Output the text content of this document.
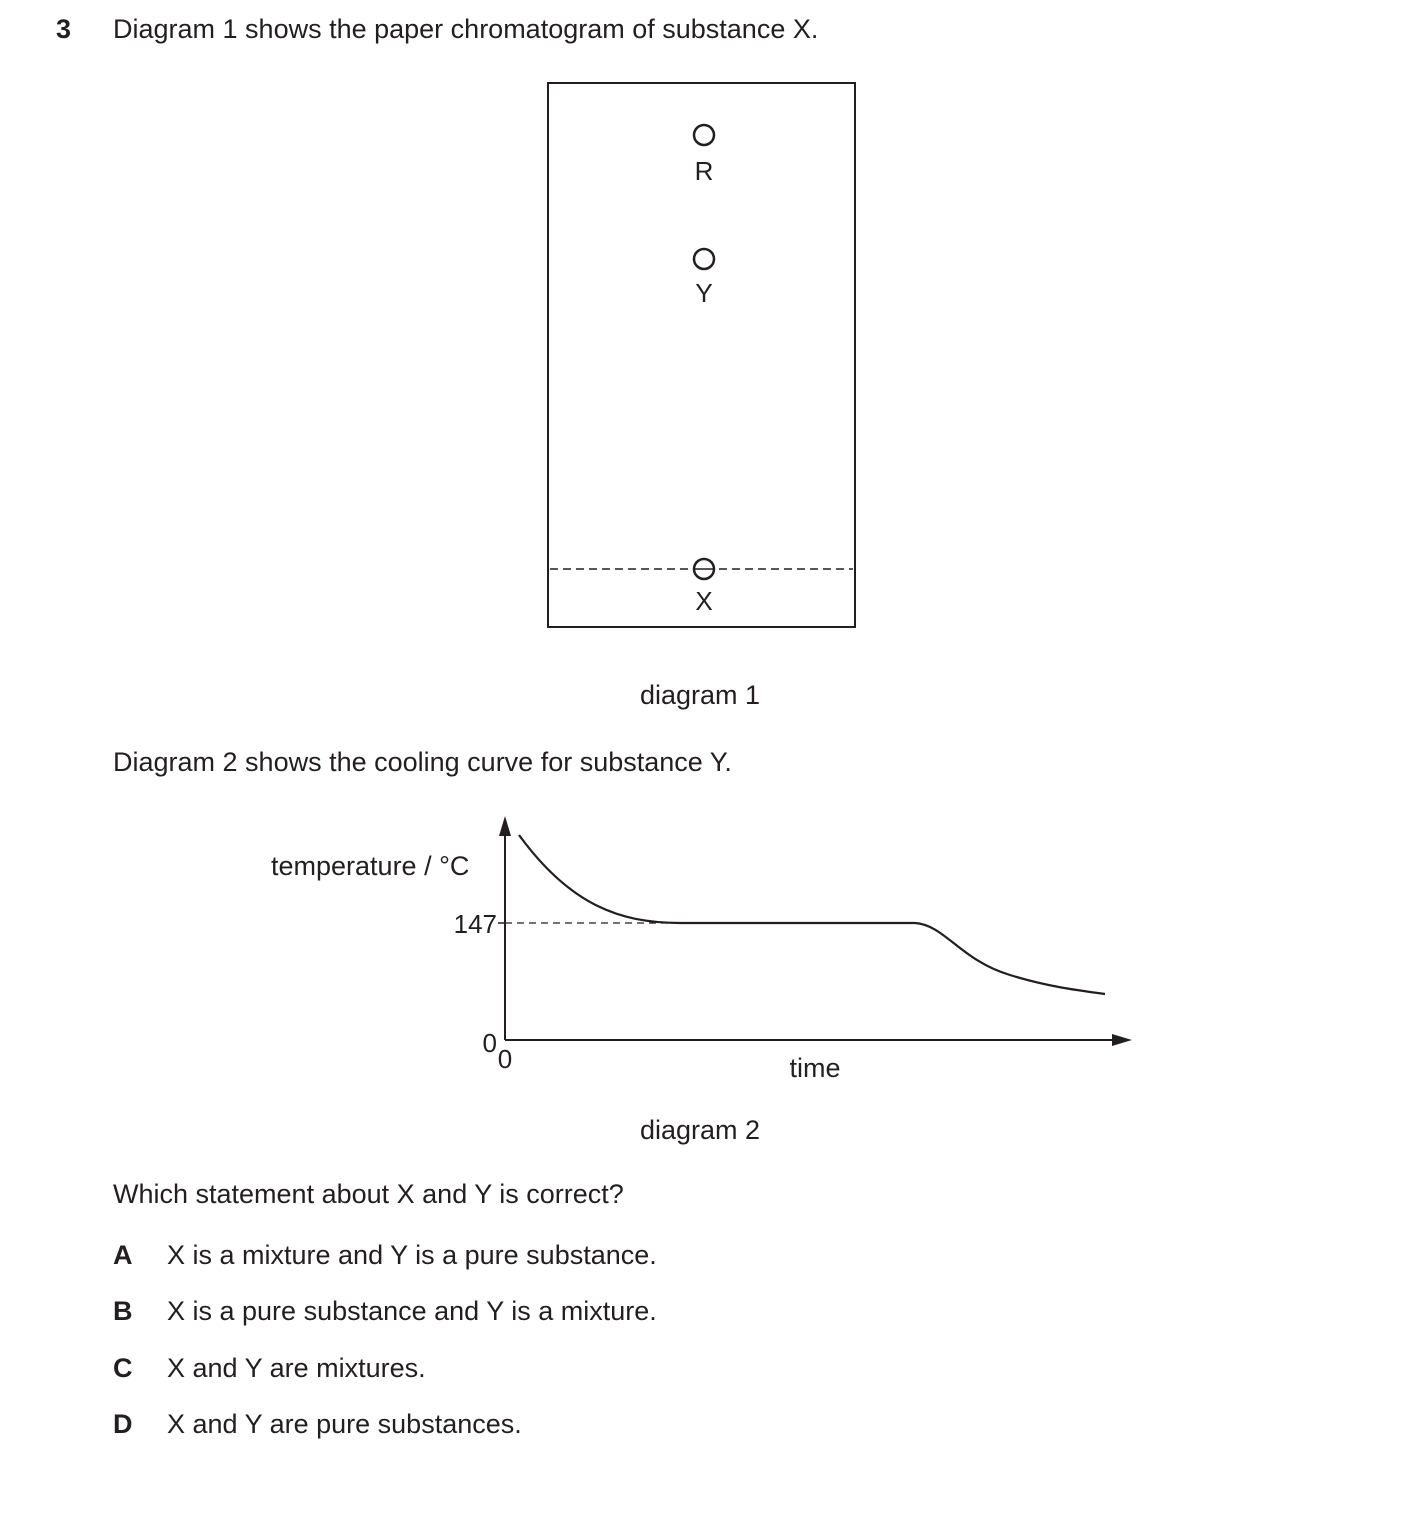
3 Diagram 1 shows the paper chromatogram of substance X.
R
Y
X
diagram 1
temperature / °C
147
0
0	time
diagram 2
Diagram 2 shows the cooling curve for substance Y.
Which statement about X and Y is correct?
A X is a mixture and Y is a pure substance.
B X is a pure substance and Y is a mixture.
C X and Y are mixtures.
D X and Y are pure substances.
